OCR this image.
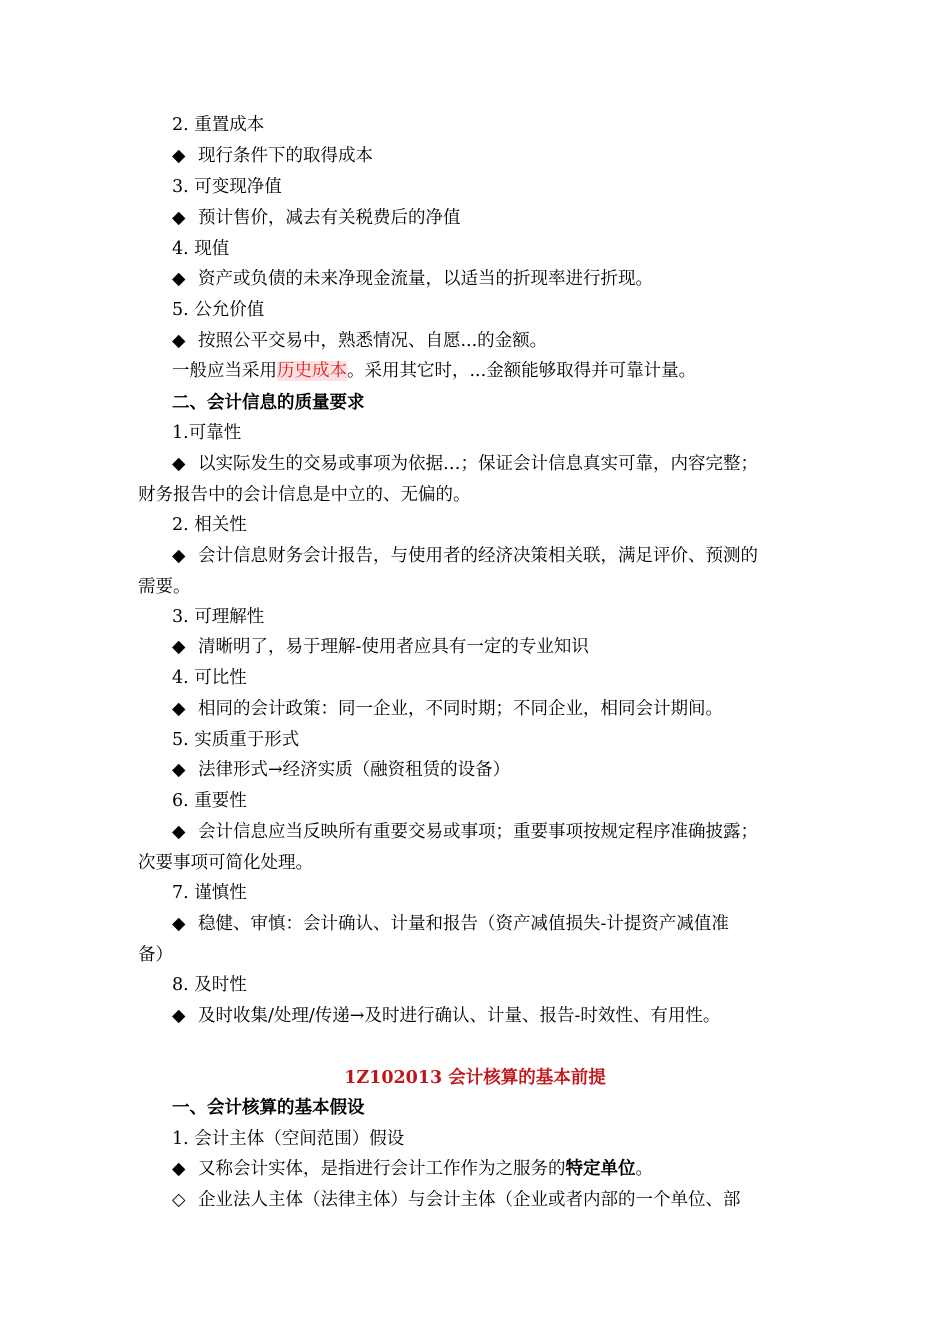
2. 重置成本
◆ 现行条件下的取得成本
3. 可变现净值
◆ 预计售价，减去有关税费后的净值
4. 现值
◆ 资产或负债的未来净现金流量，以适当的折现率进行折现。
5. 公允价值
◆ 按照公平交易中，熟悉情况、自愿...的金额。
一般应当采用历史成本。采用其它时，...金额能够取得并可靠计量。
二、会计信息的质量要求
1.可靠性
◆ 以实际发生的交易或事项为依据…；保证会计信息真实可靠，内容完整；
财务报告中的会计信息是中立的、无偏的。
2. 相关性
◆ 会计信息财务会计报告，与使用者的经济决策相关联，满足评价、预测的
需要。
3. 可理解性
◆ 清晰明了，易于理解-使用者应具有一定的专业知识
4. 可比性
◆ 相同的会计政策：同一企业，不同时期；不同企业，相同会计期间。
5. 实质重于形式
◆ 法律形式→经济实质（融资租赁的设备）
6. 重要性
◆ 会计信息应当反映所有重要交易或事项；重要事项按规定程序准确披露；
次要事项可简化处理。
7. 谨慎性
◆ 稳健、审慎：会计确认、计量和报告（资产减值损失-计提资产减值准
备）
8. 及时性
◆ 及时收集/处理/传递→及时进行确认、计量、报告-时效性、有用性。
1Z102013 会计核算的基本前提
一、会计核算的基本假设
1. 会计主体（空间范围）假设
◆ 又称会计实体，是指进行会计工作作为之服务的特定单位。
◇ 企业法人主体（法律主体）与会计主体（企业或者内部的一个单位、部
